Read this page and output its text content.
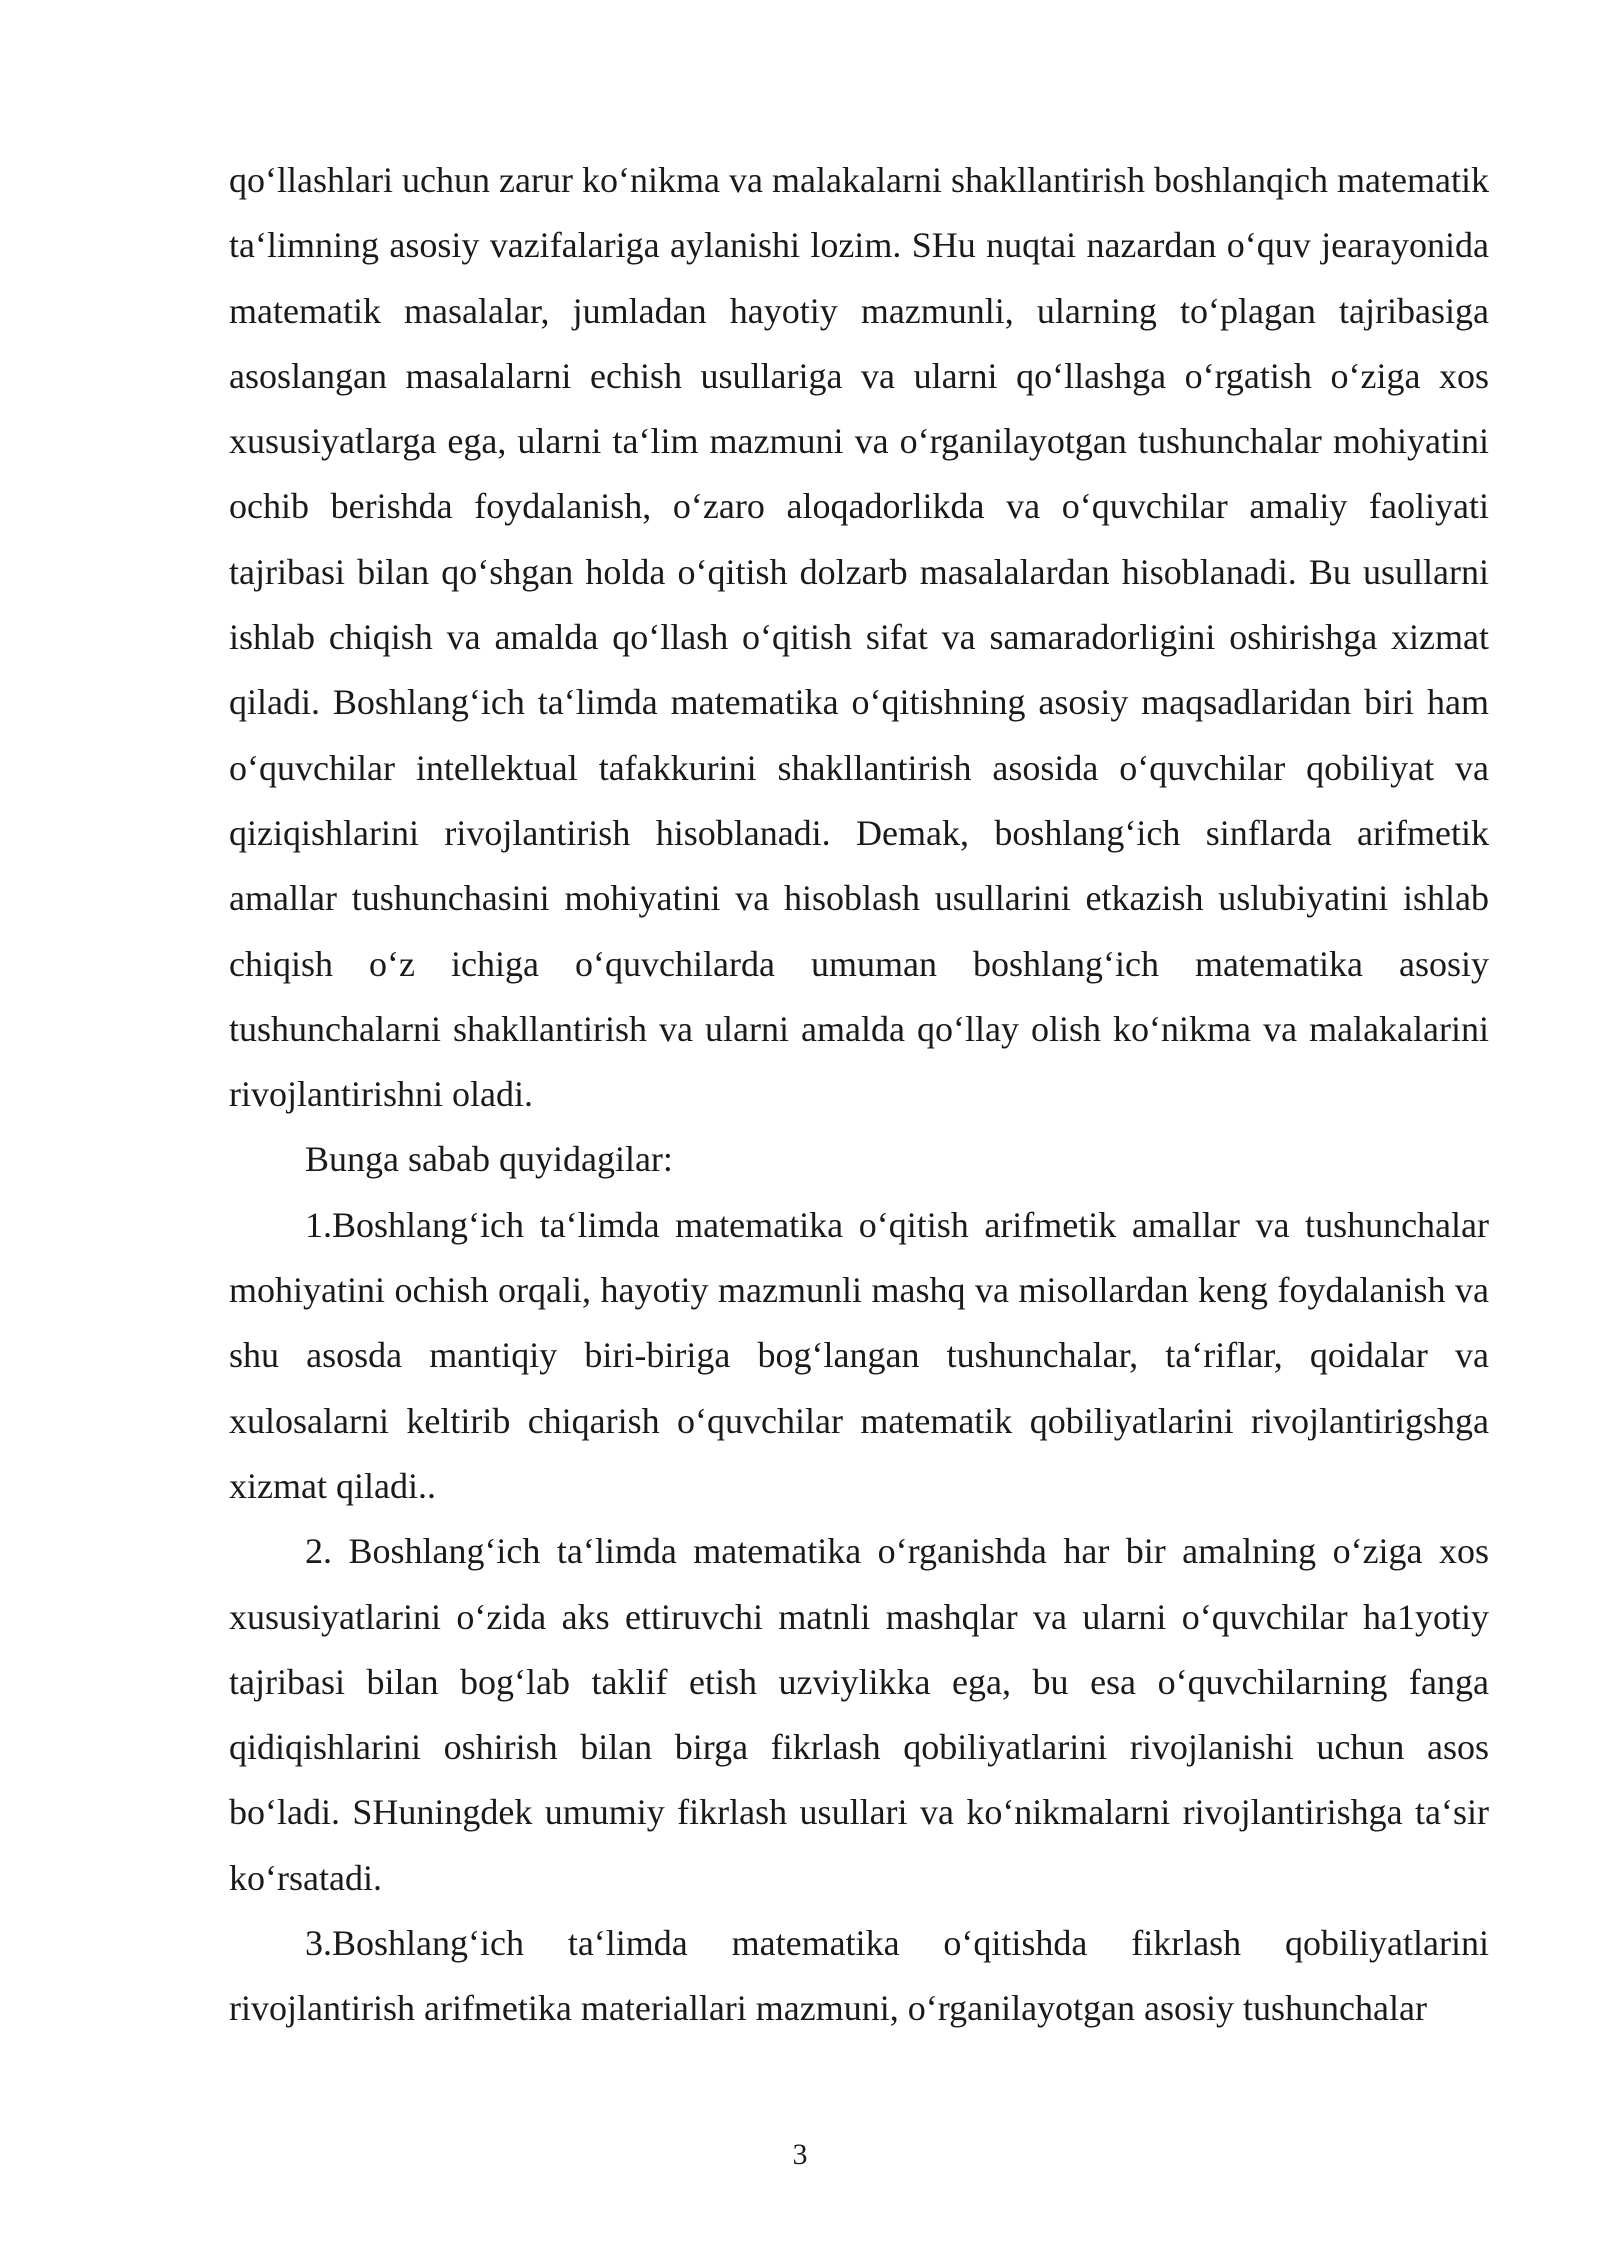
qo‘llashlari uchun zarur ko‘nikma va malakalarni shakllantirish boshlanqich matematik ta‘limning asosiy vazifalariga aylanishi lozim. SHu nuqtai nazardan o‘quv jearayonida matematik masalalar, jumladan hayotiy mazmunli, ularning to‘plagan tajribasiga asoslangan masalalarni echish usullariga va ularni qo‘llashga o‘rgatish o‘ziga xos xususiyatlarga ega, ularni ta‘lim mazmuni va o‘rganilayotgan tushunchalar mohiyatini ochib berishda foydalanish, o‘zaro aloqadorlikda va o‘quvchilar amaliy faoliyati tajribasi bilan qo‘shgan holda o‘qitish dolzarb masalalardan hisoblanadi. Bu usullarni ishlab chiqish va amalda qo‘llash o‘qitish sifat va samaradorligini oshirishga xizmat qiladi. Boshlang‘ich ta‘limda matematika o‘qitishning asosiy maqsadlaridan biri ham o‘quvchilar intellektual tafakkurini shakllantirish asosida o‘quvchilar qobiliyat va qiziqishlarini rivojlantirish hisoblanadi. Demak, boshlang‘ich sinflarda arifmetik amallar tushunchasini mohiyatini va hisoblash usullarini etkazish uslubiyatini ishlab chiqish o‘z ichiga o‘quvchilarda umuman boshlang‘ich matematika asosiy tushunchalarni shakllantirish va ularni amalda qo‘llay olish ko‘nikma va malakalarini rivojlantirishni oladi.

Bunga sabab quyidagilar:

1.Boshlang‘ich ta‘limda matematika o‘qitish arifmetik amallar va tushunchalar mohiyatini ochish orqali, hayotiy mazmunli mashq va misollardan keng foydalanish va shu asosda mantiqiy biri-biriga bog‘langan tushunchalar, ta‘riflar, qoidalar va xulosalarni keltirib chiqarish o‘quvchilar matematik qobiliyatlarini rivojlantirigshga xizmat qiladi..

2. Boshlang‘ich ta‘limda matematika o‘rganishda har bir amalning o‘ziga xos xususiyatlarini o‘zida aks ettiruvchi matnli mashqlar va ularni o‘quvchilar ha1yotiy tajribasi bilan bog‘lab taklif etish uzviylikka ega, bu esa o‘quvchilarning fanga qidiqishlarini oshirish bilan birga fikrlash qobiliyatlarini rivojlanishi uchun asos bo‘ladi. SHuningdek umumiy fikrlash usullari va ko‘nikmalarni rivojlantirishga ta‘sir ko‘rsatadi.

3.Boshlang‘ich ta‘limda matematika o‘qitishda fikrlash qobiliyatlarini rivojlantirish arifmetika materiallari mazmuni, o‘rganilayotgan asosiy tushunchalar

3
